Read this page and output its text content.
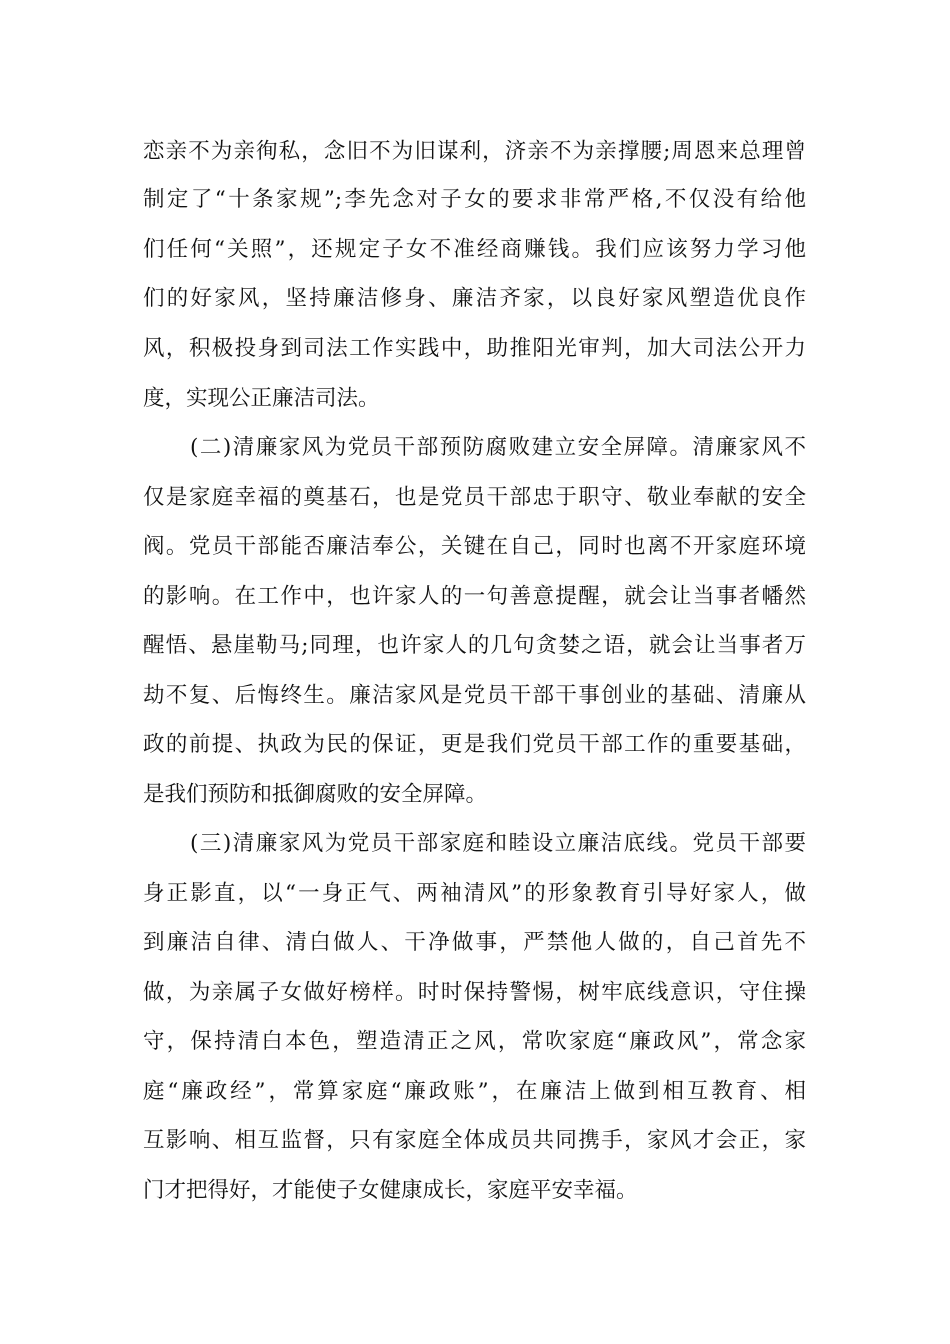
恋亲不为亲徇私，念旧不为旧谋利，济亲不为亲撑腰;周恩来总理曾
制定了“十条家规”;李先念对子女的要求非常严格,不仅没有给他
们任何“关照”，还规定子女不准经商赚钱。我们应该努力学习他
们的好家风，坚持廉洁修身、廉洁齐家，以良好家风塑造优良作
风，积极投身到司法工作实践中，助推阳光审判，加大司法公开力
度，实现公正廉洁司法。
(二)清廉家风为党员干部预防腐败建立安全屏障。清廉家风不
仅是家庭幸福的奠基石，也是党员干部忠于职守、敬业奉献的安全
阀。党员干部能否廉洁奉公，关键在自己，同时也离不开家庭环境
的影响。在工作中，也许家人的一句善意提醒，就会让当事者幡然
醒悟、悬崖勒马;同理，也许家人的几句贪婪之语，就会让当事者万
劫不复、后悔终生。廉洁家风是党员干部干事创业的基础、清廉从
政的前提、执政为民的保证，更是我们党员干部工作的重要基础，
是我们预防和抵御腐败的安全屏障。
(三)清廉家风为党员干部家庭和睦设立廉洁底线。党员干部要
身正影直，以“一身正气、两袖清风”的形象教育引导好家人，做
到廉洁自律、清白做人、干净做事，严禁他人做的，自己首先不
做，为亲属子女做好榜样。时时保持警惕，树牢底线意识，守住操
守，保持清白本色，塑造清正之风，常吹家庭“廉政风”，常念家
庭“廉政经”，常算家庭“廉政账”，在廉洁上做到相互教育、相
互影响、相互监督，只有家庭全体成员共同携手，家风才会正，家
门才把得好，才能使子女健康成长，家庭平安幸福。
